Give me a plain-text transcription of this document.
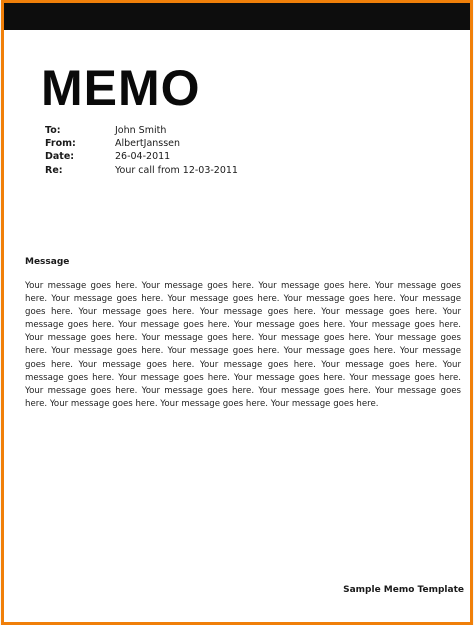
MEMO
To:	John Smith
From:	AlbertJanssen
Date:	26-04-2011
Re:	Your call from 12-03-2011
Message
Your message goes here. Your message goes here. Your message goes here. Your message goes here. Your message goes here. Your message goes here. Your message goes here. Your message goes here. Your message goes here. Your message goes here. Your message goes here. Your message goes here. Your message goes here. Your message goes here. Your message goes here. Your message goes here. Your message goes here. Your message goes here. Your message goes here. Your message goes here. Your message goes here. Your message goes here. Your message goes here. Your message goes here. Your message goes here. Your message goes here. Your message goes here. Your message goes here. Your message goes here. Your message goes here. Your message goes here. Your message goes here. Your message goes here. Your message goes here. Your message goes here. Your message goes here. Your message goes here.
Sample Memo Template
